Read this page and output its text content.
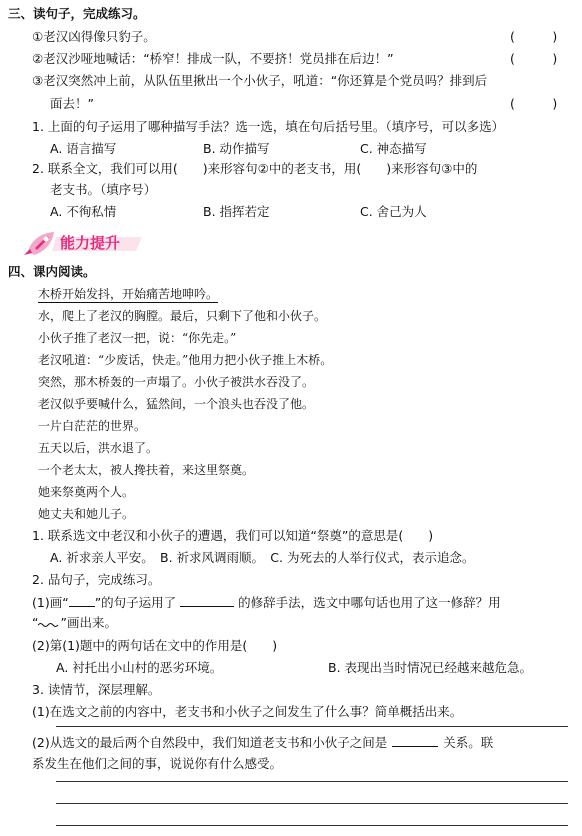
三、读句子，完成练习。
①老汉凶得像只豹子。	(　　　)
②老汉沙哑地喊话：“桥窄！排成一队，不要挤！党员排在后边！”	(　　　)
③老汉突然冲上前，从队伍里揪出一个小伙子，吼道：“你还算是个党员吗？排到后
面去！”	(　　　)
1. 上面的句子运用了哪种描写手法？选一选，填在句后括号里。（填序号，可以多选）
A. 语言描写	B. 动作描写	C. 神态描写
2. 联系全文，我们可以用(　　)来形容句②中的老支书，用(　　)来形容句③中的
老支书。（填序号）
A. 不徇私情	B. 指挥若定	C. 舍己为人
能力提升
四、课内阅读。
木桥开始发抖，开始痛苦地呻吟。
水，爬上了老汉的胸膛。最后，只剩下了他和小伙子。
小伙子推了老汉一把，说：“你先走。”
老汉吼道：“少废话，快走。”他用力把小伙子推上木桥。
突然，那木桥轰的一声塌了。小伙子被洪水吞没了。
老汉似乎要喊什么，猛然间，一个浪头也吞没了他。
一片白茫茫的世界。
五天以后，洪水退了。
一个老太太，被人搀扶着，来这里祭奠。
她来祭奠两个人。
她丈夫和她儿子。
1. 联系选文中老汉和小伙子的遭遇，我们可以知道“祭奠”的意思是(　　)
A. 祈求亲人平安。　B. 祈求风调雨顺。　C. 为死去的人举行仪式，表示追念。
2. 品句子，完成练习。
(1)画“ ”的句子运用了	的修辞手法，选文中哪句话也用了这一修辞？用
“ ”画出来。
(2)第(1)题中的两句话在文中的作用是(　　)
A. 衬托出小山村的恶劣环境。	B. 表现出当时情况已经越来越危急。
3. 读情节，深层理解。
(1)在选文之前的内容中，老支书和小伙子之间发生了什么事？简单概括出来。
(2)从选文的最后两个自然段中，我们知道老支书和小伙子之间是	关系。联
系发生在他们之间的事，说说你有什么感受。
